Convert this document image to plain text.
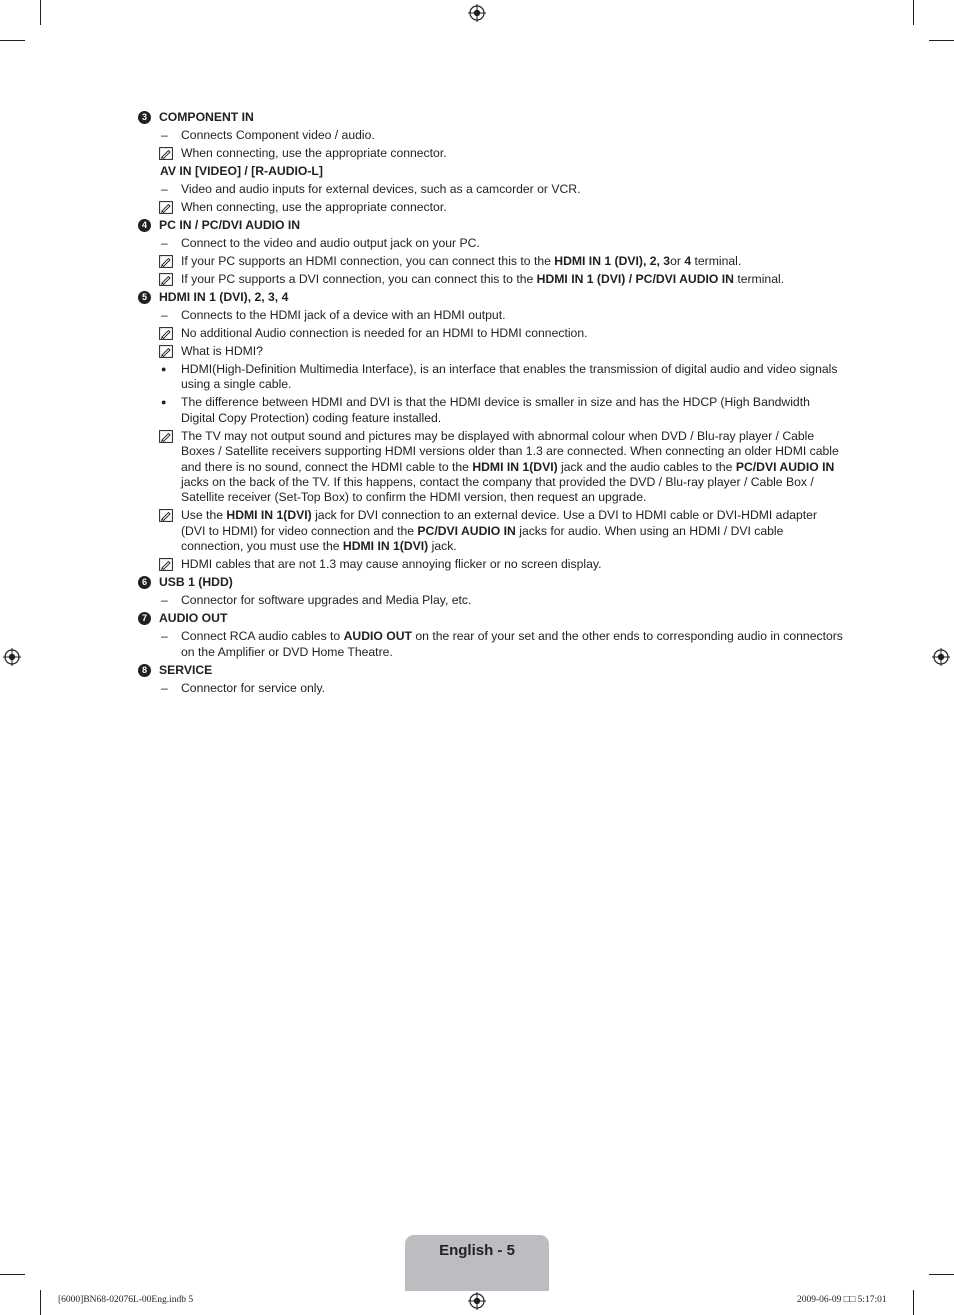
3 COMPONENT IN
–
Connects Component video / audio.
When connecting, use the appropriate connector.
AV IN [VIDEO] / [R-AUDIO-L]
–
Video and audio inputs for external devices, such as a camcorder or VCR.
When connecting, use the appropriate connector.
4 PC IN / PC/DVI AUDIO IN
–
Connect to the video and audio output jack on your PC.
If your PC supports an HDMI connection, you can connect this to the HDMI IN 1 (DVI), 2, 3or 4 terminal.
If your PC supports a DVI connection, you can connect this to the HDMI IN 1 (DVI) / PC/DVI AUDIO IN terminal.
5 HDMI IN 1 (DVI), 2, 3, 4
–
Connects to the HDMI jack of a device with an HDMI output.
No additional Audio connection is needed for an HDMI to HDMI connection.
What is HDMI?
●
HDMI(High-Definition Multimedia Interface), is an interface that enables the transmission of digital audio and video signals using a single cable.
●
The difference between HDMI and DVI is that the HDMI device is smaller in size and has the HDCP (High Bandwidth Digital Copy Protection) coding feature installed.
The TV may not output sound and pictures may be displayed with abnormal colour when DVD / Blu-ray player / Cable Boxes / Satellite receivers supporting HDMI versions older than 1.3 are connected. When connecting an older HDMI cable and there is no sound, connect the HDMI cable to the HDMI IN 1(DVI) jack and the audio cables to the PC/DVI AUDIO IN jacks on the back of the TV. If this happens, contact the company that provided the DVD / Blu-ray player / Cable Box / Satellite receiver (Set-Top Box) to confirm the HDMI version, then request an upgrade.
Use the HDMI IN 1(DVI) jack for DVI connection to an external device. Use a DVI to HDMI cable or DVI-HDMI adapter (DVI to HDMI) for video connection and the PC/DVI AUDIO IN jacks for audio. When using an HDMI / DVI cable connection, you must use the HDMI IN 1(DVI) jack.
HDMI cables that are not 1.3 may cause annoying flicker or no screen display.
6 USB 1 (HDD)
–
Connector for software upgrades and Media Play, etc.
7 AUDIO OUT
–
Connect RCA audio cables to AUDIO OUT on the rear of your set and the other ends to corresponding audio in connectors on the Amplifier or DVD Home Theatre.
8 SERVICE
–
Connector for service only.
English - 5
[6000]BN68-02076L-00Eng.indb 5	2009-06-09 □□ 5:17:01
